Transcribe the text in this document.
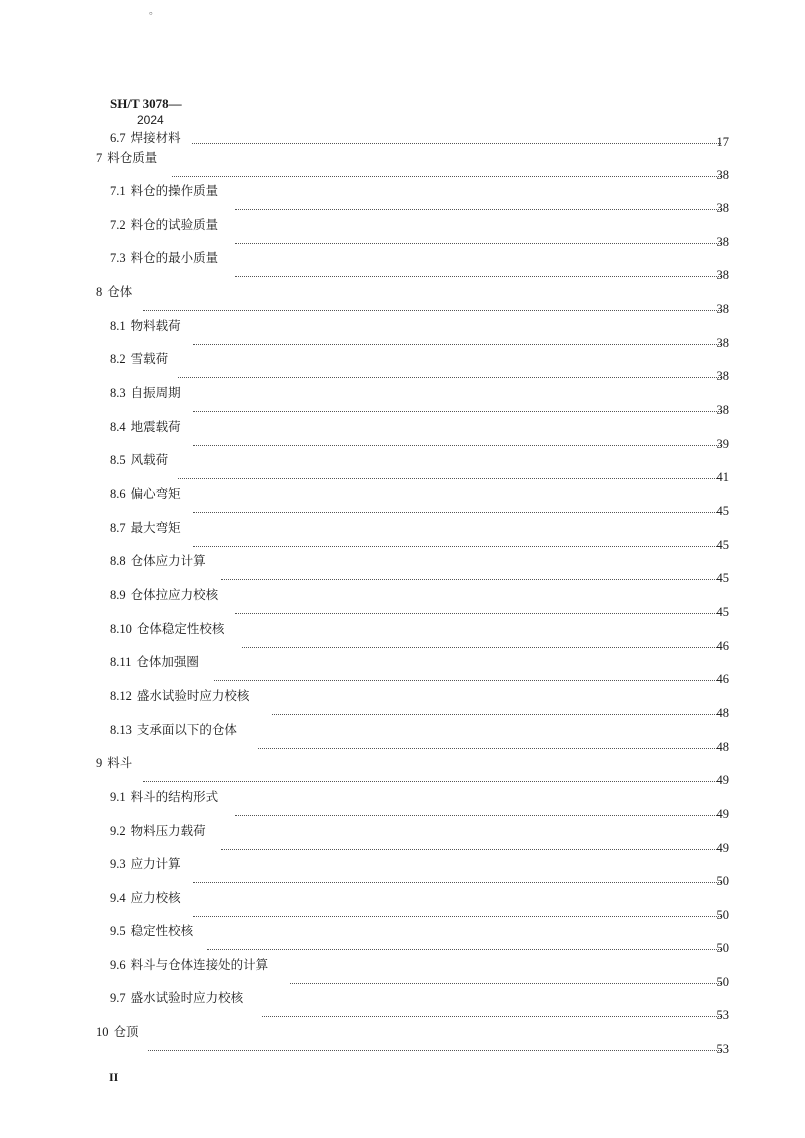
。
SH/T 3078—
2024
6.7 焊接材料	17
7 料仓质量
38
7.1 料仓的操作质量
38
7.2 料仓的试验质量
38
7.3 料仓的最小质量
38
8 仓体
38
8.1 物料载荷
38
8.2 雪载荷
38
8.3 自振周期
38
8.4 地震载荷
39
8.5 风载荷
41
8.6 偏心弯矩
45
8.7 最大弯矩
45
8.8 仓体应力计算
45
8.9 仓体拉应力校核
45
8.10 仓体稳定性校核
46
8.11 仓体加强圈
46
8.12 盛水试验时应力校核
48
8.13 支承面以下的仓体
48
9 料斗
49
9.1 料斗的结构形式
49
9.2 物料压力载荷
49
9.3 应力计算
50
9.4 应力校核
50
9.5 稳定性校核
50
9.6 料斗与仓体连接处的计算
50
9.7 盛水试验时应力校核
53
10 仓顶
53
II
